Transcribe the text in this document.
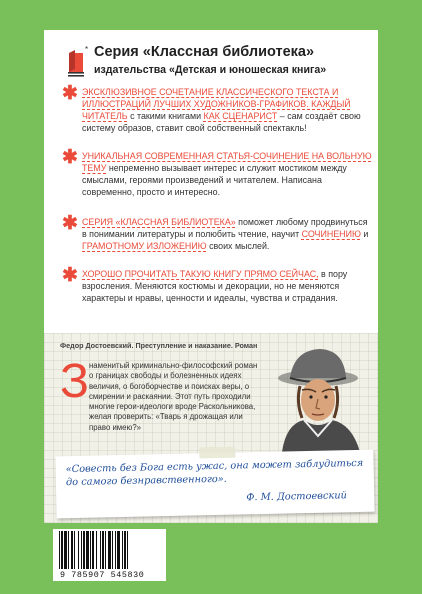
* Серия «Классная библиотека»
издательства «Детская и юношеская книга»
✱ ЭКСКЛЮЗИВНОЕ СОЧЕТАНИЕ КЛАССИЧЕСКОГО ТЕКСТА И ИЛЛЮСТРАЦИЙ ЛУЧШИХ ХУДОЖНИКОВ-ГРАФИКОВ. КАЖДЫЙ ЧИТАТЕЛЬ с такими книгами КАК СЦЕНАРИСТ – сам создаёт свою систему образов, ставит свой собственный спектакль!
✱ УНИКАЛЬНАЯ СОВРЕМЕННАЯ СТАТЬЯ-СОЧИНЕНИЕ НА ВОЛЬНУЮ ТЕМУ непременно вызывает интерес и служит мостиком между смыслами, героями произведений и читателем. Написана современно, просто и интересно.
✱ СЕРИЯ «КЛАССНАЯ БИБЛИОТЕКА» поможет любому продвинуться в понимании литературы и полюбить чтение, научит СОЧИНЕНИЮ и ГРАМОТНОМУ ИЗЛОЖЕНИЮ своих мыслей.
✱ ХОРОШО ПРОЧИТАТЬ ТАКУЮ КНИГУ ПРЯМО СЕЙЧАС, в пору взросления. Меняются костюмы и декорации, но не меняются характеры и нравы, ценности и идеалы, чувства и страдания.
Федор Достоевский. Преступление и наказание. Роман
З наменитый криминально-философский роман о границах свободы и болезненных идеях величия, о богоборчестве и поисках веры, о смирении и раскаянии. Этот путь проходили многие герои-идеологи вроде Раскольникова, желая проверить: «Тварь я дрожащая или право имею?»
«Совесть без Бога есть ужас, она может заблудиться до самого безнравственного».
Ф. М. Достоевский
9 785907 545830
